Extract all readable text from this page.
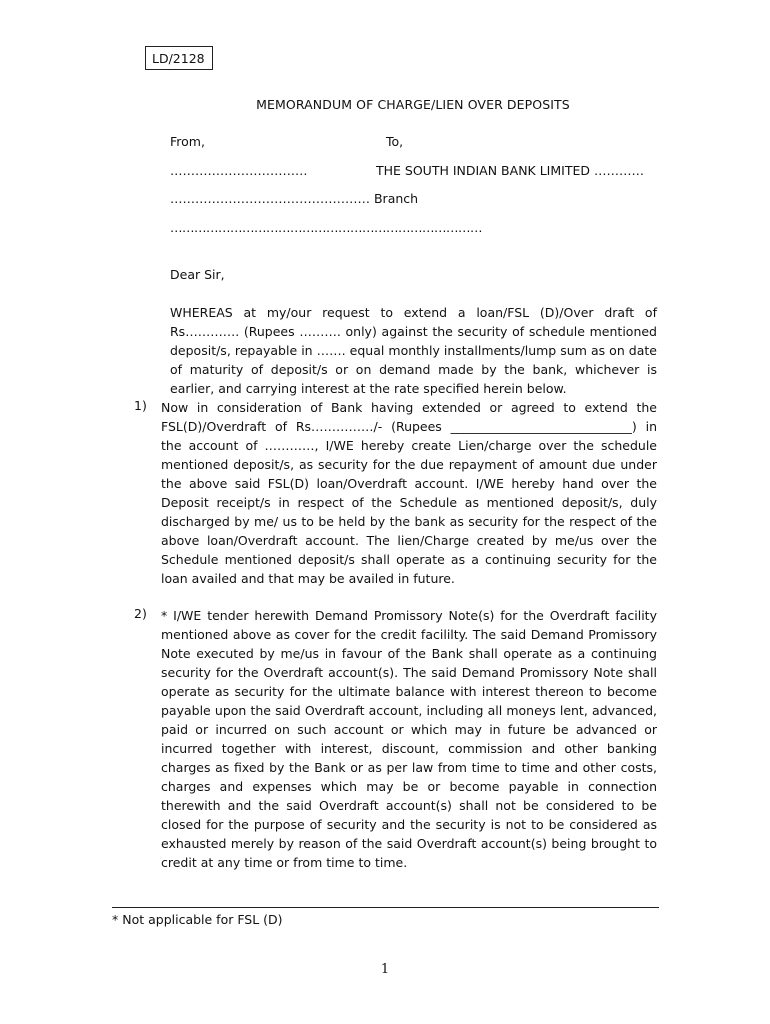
LD/2128
MEMORANDUM OF CHARGE/LIEN OVER DEPOSITS
From,	To,
……………………………	THE SOUTH INDIAN BANK LIMITED …………
………………………………………… Branch
……………………………………………………………………
Dear Sir,
WHEREAS at my/our request to extend a loan/FSL (D)/Over draft of Rs…………. (Rupees ………. only) against the security of schedule mentioned deposit/s, repayable in ……. equal monthly installments/lump sum as on date of maturity of deposit/s or on demand made by the bank, whichever is earlier, and carrying interest at the rate specified herein below.
1) Now in consideration of Bank having extended or agreed to extend the FSL(D)/Overdraft of Rs……………/- (Rupees _____________________________) in the account of …………, I/WE hereby create Lien/charge over the schedule mentioned deposit/s, as security for the due repayment of amount due under the above said FSL(D) loan/Overdraft account. I/WE hereby hand over the Deposit receipt/s in respect of the Schedule as mentioned deposit/s, duly discharged by me/ us to be held by the bank as security for the respect of the above loan/Overdraft account. The lien/Charge created by me/us over the Schedule mentioned deposit/s shall operate as a continuing security for the loan availed and that may be availed in future.
2) * I/WE tender herewith Demand Promissory Note(s) for the Overdraft facility mentioned above as cover for the credit facililty. The said Demand Promissory Note executed by me/us in favour of the Bank shall operate as a continuing security for the Overdraft account(s). The said Demand Promissory Note shall operate as security for the ultimate balance with interest thereon to become payable upon the said Overdraft account, including all moneys lent, advanced, paid or incurred on such account or which may in future be advanced or incurred together with interest, discount, commission and other banking charges as fixed by the Bank or as per law from time to time and other costs, charges and expenses which may be or become payable in connection therewith and the said Overdraft account(s) shall not be considered to be closed for the purpose of security and the security is not to be considered as exhausted merely by reason of the said Overdraft account(s) being brought to credit at any time or from time to time.
* Not applicable for FSL (D)
1
